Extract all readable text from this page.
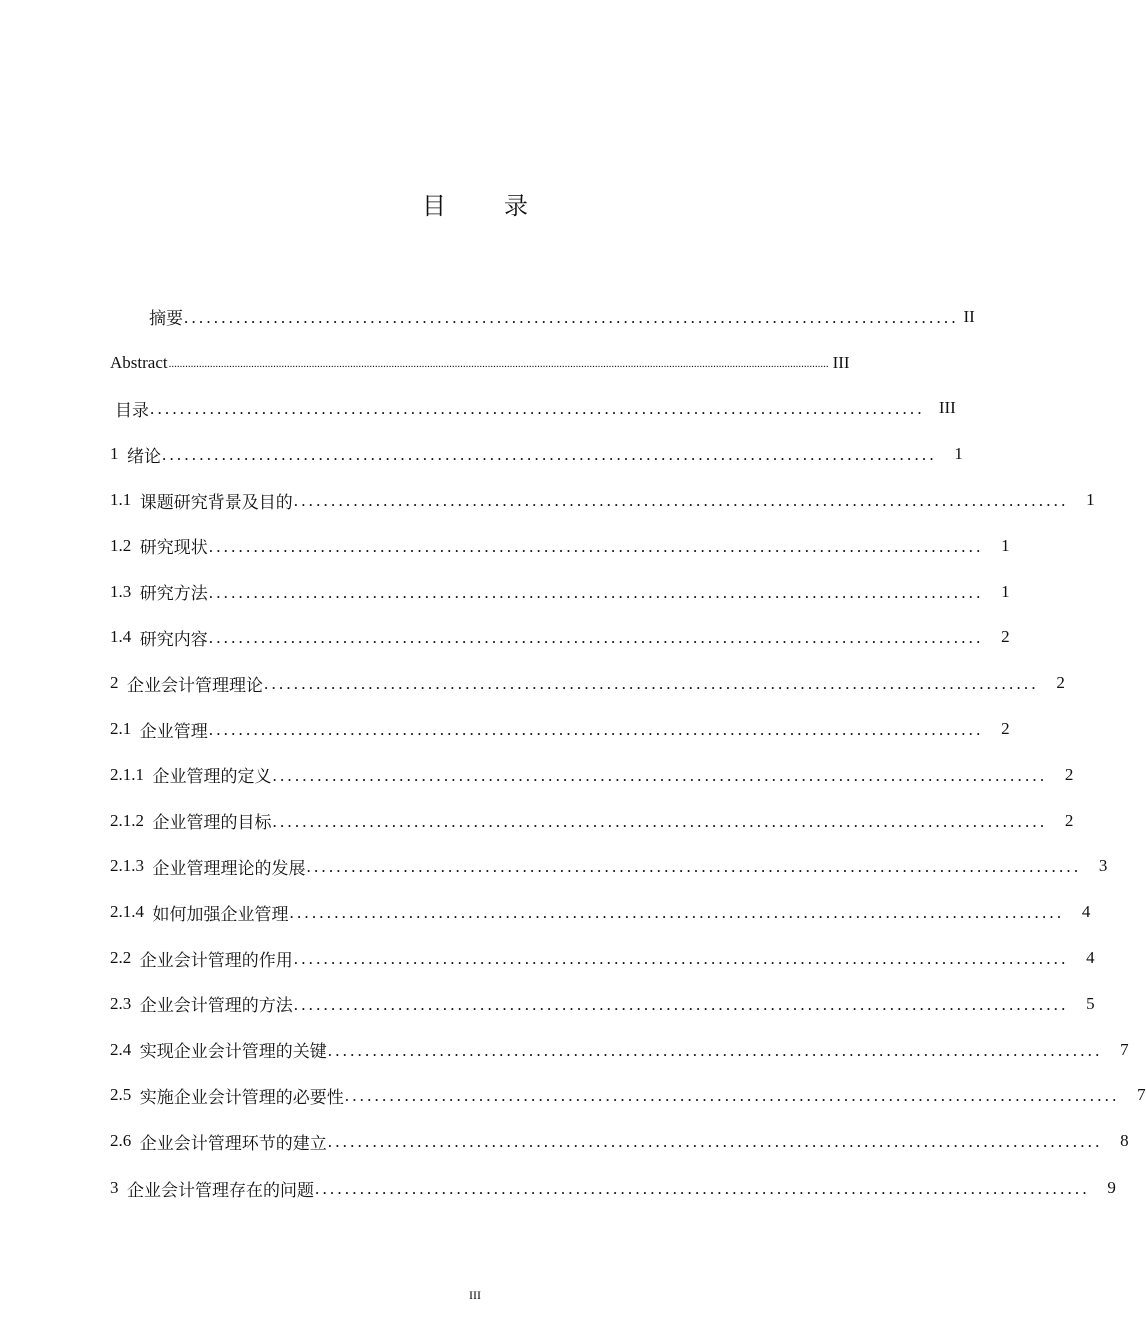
目 录
摘要 ........................................................................................................ II
Abstract ................................................................................................................................................................................................................................................ III
目录 ........................................................................................................ III
1
绪论 ........................................................................................................ 1
1.1
课题研究背景及目的 ........................................................................................................ 1
1.2
研究现状 ........................................................................................................ 1
1.3
研究方法 ........................................................................................................ 1
1.4
研究内容 ........................................................................................................ 2
2
企业会计管理理论 ........................................................................................................ 2
2.1
企业管理 ........................................................................................................ 2
2.1.1
企业管理的定义 ........................................................................................................ 2
2.1.2
企业管理的目标 ........................................................................................................ 2
2.1.3
企业管理理论的发展 ........................................................................................................ 3
2.1.4
如何加强企业管理 ........................................................................................................ 4
2.2
企业会计管理的作用 ........................................................................................................ 4
2.3
企业会计管理的方法 ........................................................................................................ 5
2.4
实现企业会计管理的关键 ........................................................................................................ 7
2.5
实施企业会计管理的必要性 ........................................................................................................ 7
2.6
企业会计管理环节的建立 ........................................................................................................ 8
3
企业会计管理存在的问题 ........................................................................................................ 9
III
